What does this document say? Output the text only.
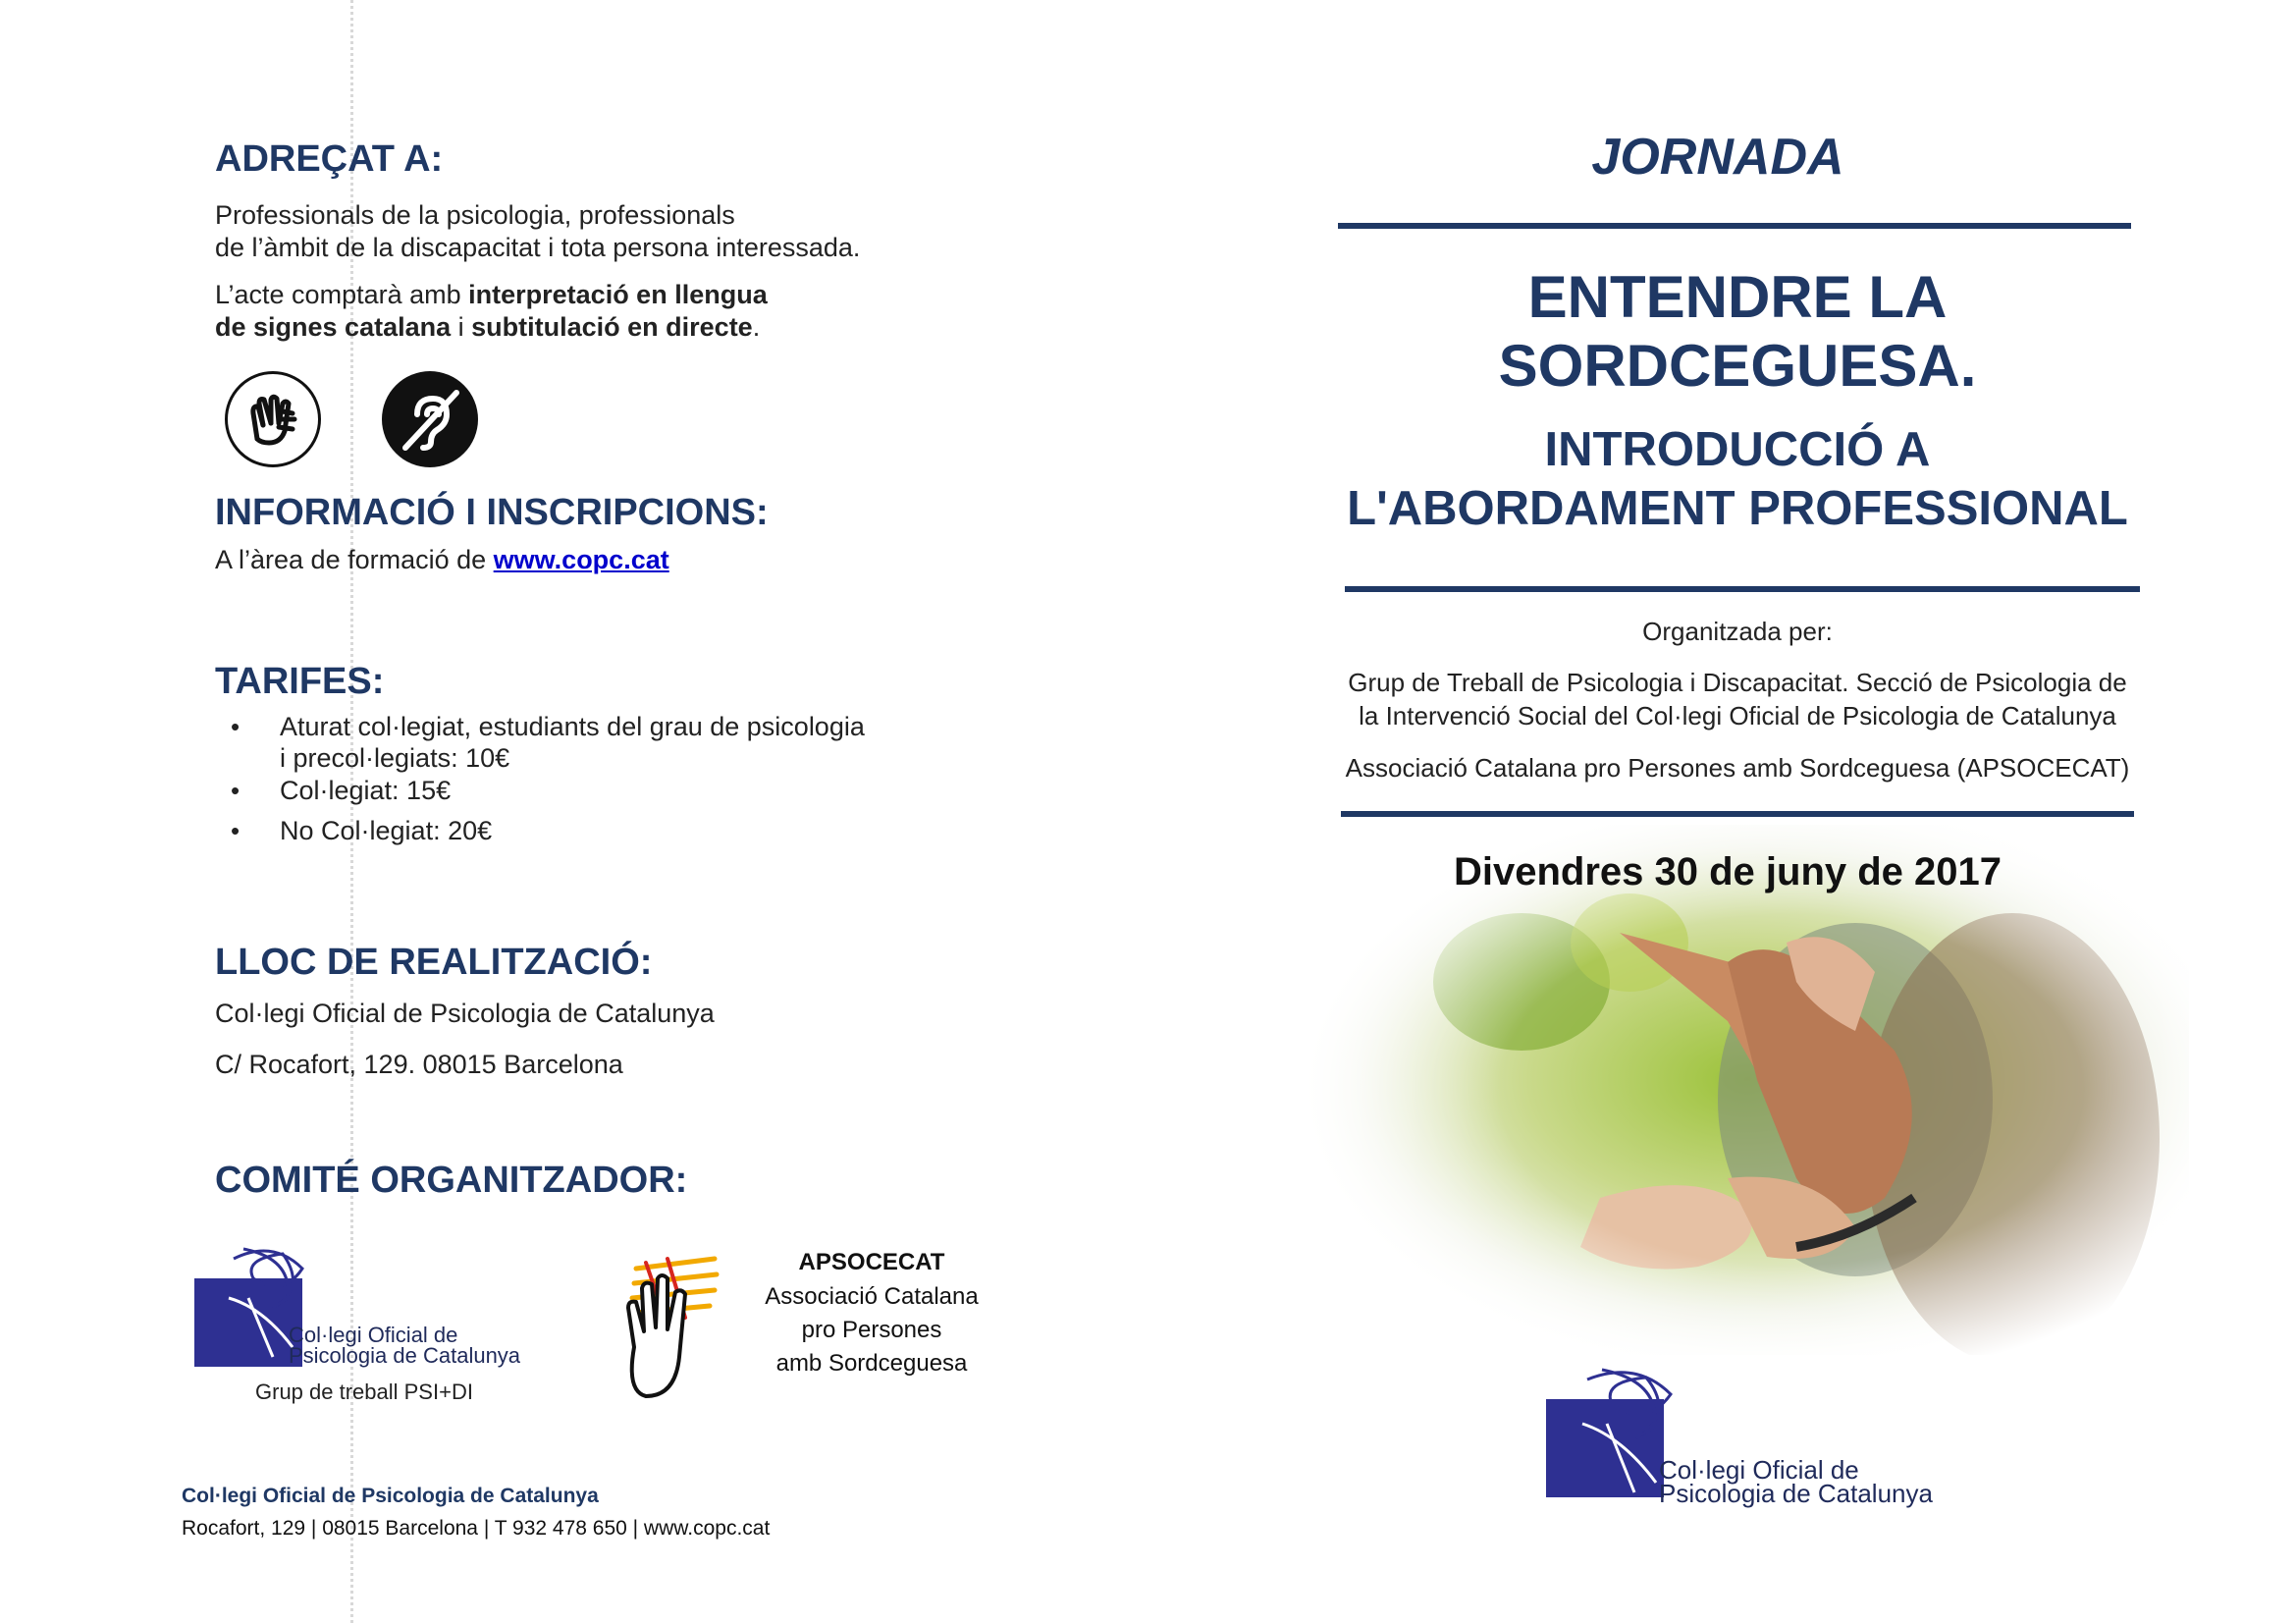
ADREÇAT A:
Professionals de la psicologia, professionals
de l’àmbit de la discapacitat i tota persona interessada.
L’acte comptarà amb interpretació en llengua
de signes catalana i subtitulació en directe.
INFORMACIÓ I INSCRIPCIONS:
A l’àrea de formació de www.copc.cat
TARIFES:
• Aturat col·legiat, estudiants del grau de psicologia
i precol·legiats: 10€
• Col·legiat: 15€
• No Col·legiat: 20€
LLOC DE REALITZACIÓ:
Col·legi Oficial de Psicologia de Catalunya
C/ Rocafort, 129. 08015 Barcelona
COMITÉ ORGANITZADOR:
Col·legi Oficial de
Psicologia de Catalunya
Grup de treball PSI+DI
APSOCECAT
Associació Catalana
pro Persones
amb Sordceguesa
Col·legi Oficial de Psicologia de Catalunya
Rocafort, 129 | 08015 Barcelona | T 932 478 650 | www.copc.cat
JORNADA
ENTENDRE LA
SORDCEGUESA.
INTRODUCCIÓ A
L'ABORDAMENT PROFESSIONAL
Organitzada per:
Grup de Treball de Psicologia i Discapacitat. Secció de Psicologia de
la Intervenció Social del Col·legi Oficial de Psicologia de Catalunya
Associació Catalana pro Persones amb Sordceguesa (APSOCECAT)
Divendres 30 de juny de 2017
Col·legi Oficial de
Psicologia de Catalunya
